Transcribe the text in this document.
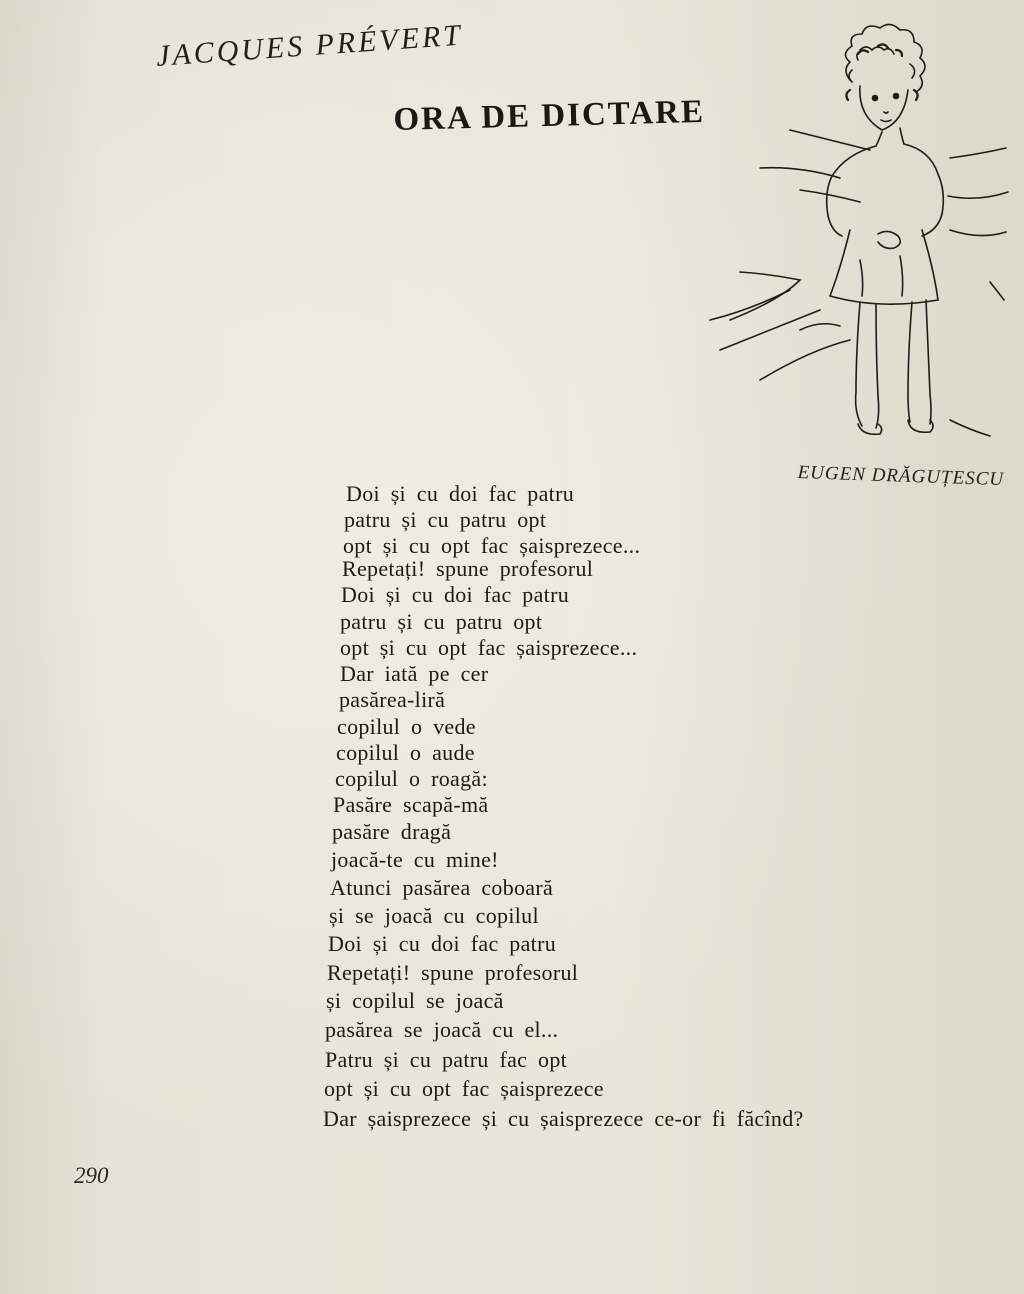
JACQUES PRÉVERT
ORA DE DICTARE
EUGEN DRĂGUȚESCU
Doi și cu doi fac patru
patru și cu patru opt
opt și cu opt fac șaisprezece...
Repetați! spune profesorul
Doi și cu doi fac patru
patru și cu patru opt
opt și cu opt fac șaisprezece...
Dar iată pe cer
pasărea-liră
copilul o vede
copilul o aude
copilul o roagă:
Pasăre scapă-mă
pasăre dragă
joacă-te cu mine!
Atunci pasărea coboară
și se joacă cu copilul
Doi și cu doi fac patru
Repetați! spune profesorul
și copilul se joacă
pasărea se joacă cu el...
Patru și cu patru fac opt
opt și cu opt fac șaisprezece
Dar șaisprezece și cu șaisprezece ce-or fi făcînd?
290
